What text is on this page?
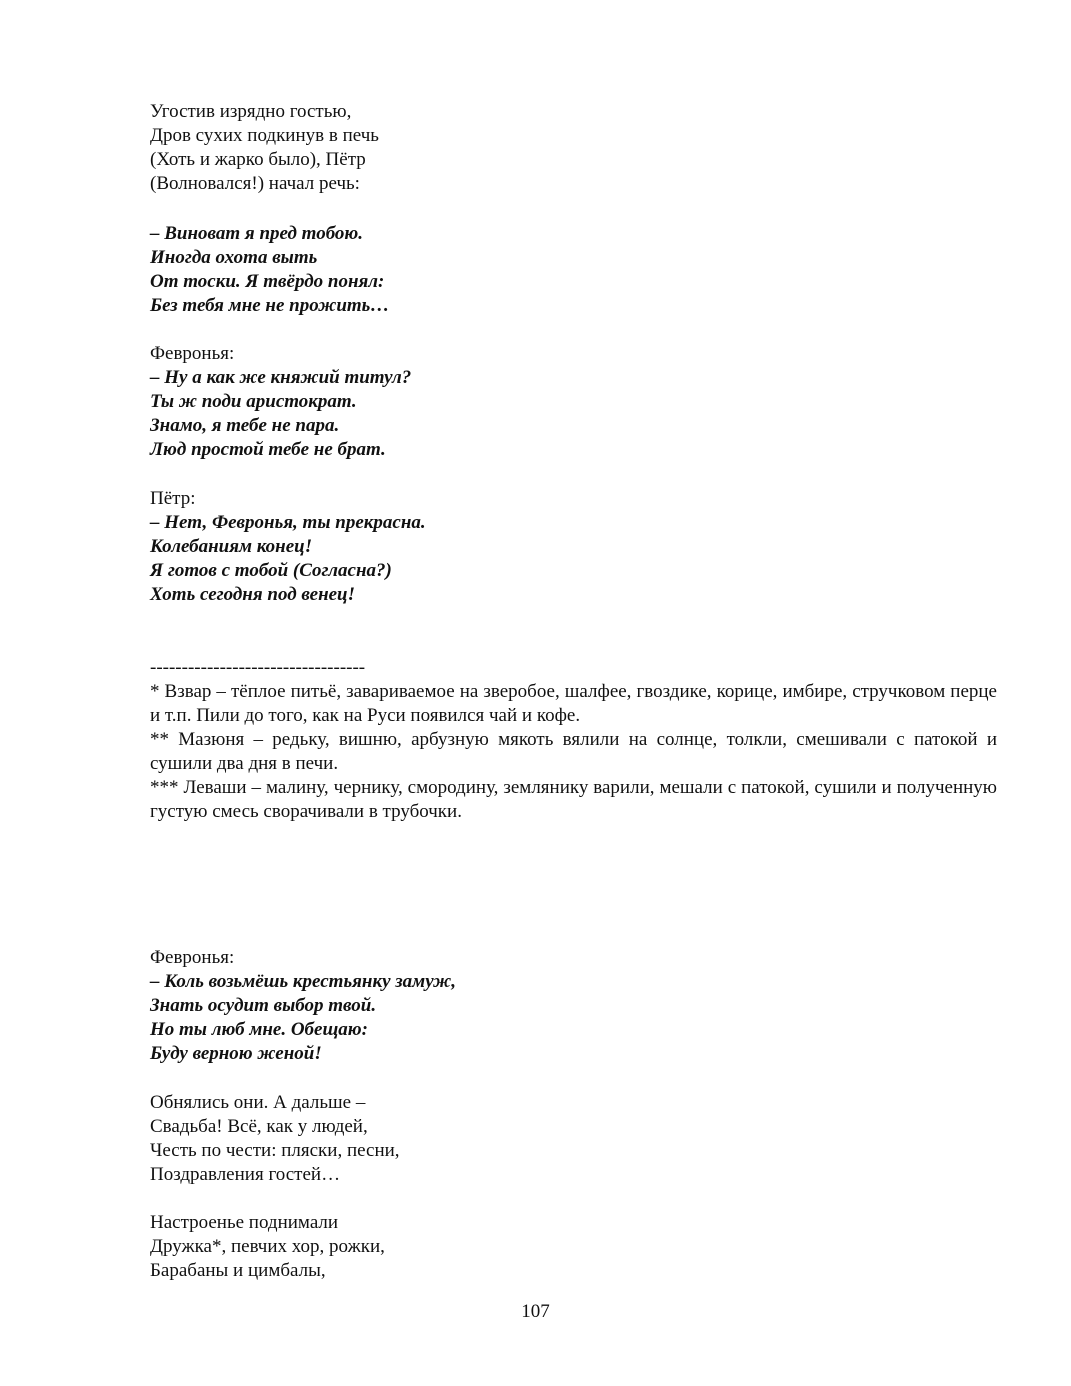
Угостив изрядно гостью,
Дров сухих подкинув в печь
(Хоть и жарко было), Пётр
(Волновался!) начал речь:
– Виноват я пред тобою.
Иногда охота выть
От тоски. Я твёрдо понял:
Без тебя мне не прожить…
Февронья:
– Ну а как же княжий титул?
Ты ж поди аристократ.
Знамо, я тебе не пара.
Люд простой тебе не брат.
Пётр:
– Нет, Февронья, ты прекрасна.
Колебаниям конец!
Я готов с тобой (Согласна?)
Хоть сегодня под венец!
----------------------------------

* Взвар – тёплое питьё, завариваемое на зверобое, шалфее, гвоздике, корице, имбире, стручковом перце и т.п. Пили до того, как на Руси появился чай и кофе.

** Мазюня – редьку, вишню, арбузную мякоть вялили на солнце, толкли, смешивали с патокой и сушили два дня в печи.

*** Леваши – малину, чернику, смородину, землянику варили, мешали с патокой, сушили и полученную густую смесь сворачивали в трубочки.

Февронья:
– Коль возьмёшь крестьянку замуж,
Знать осудит выбор твой.
Но ты люб мне. Обещаю:
Буду верною женой!
Обнялись они. А дальше –
Свадьба! Всё, как у людей,
Честь по чести: пляски, песни,
Поздравления гостей…
Настроенье поднимали
Дружка*, певчих хор, рожки,
Барабаны и цимбалы,
107
